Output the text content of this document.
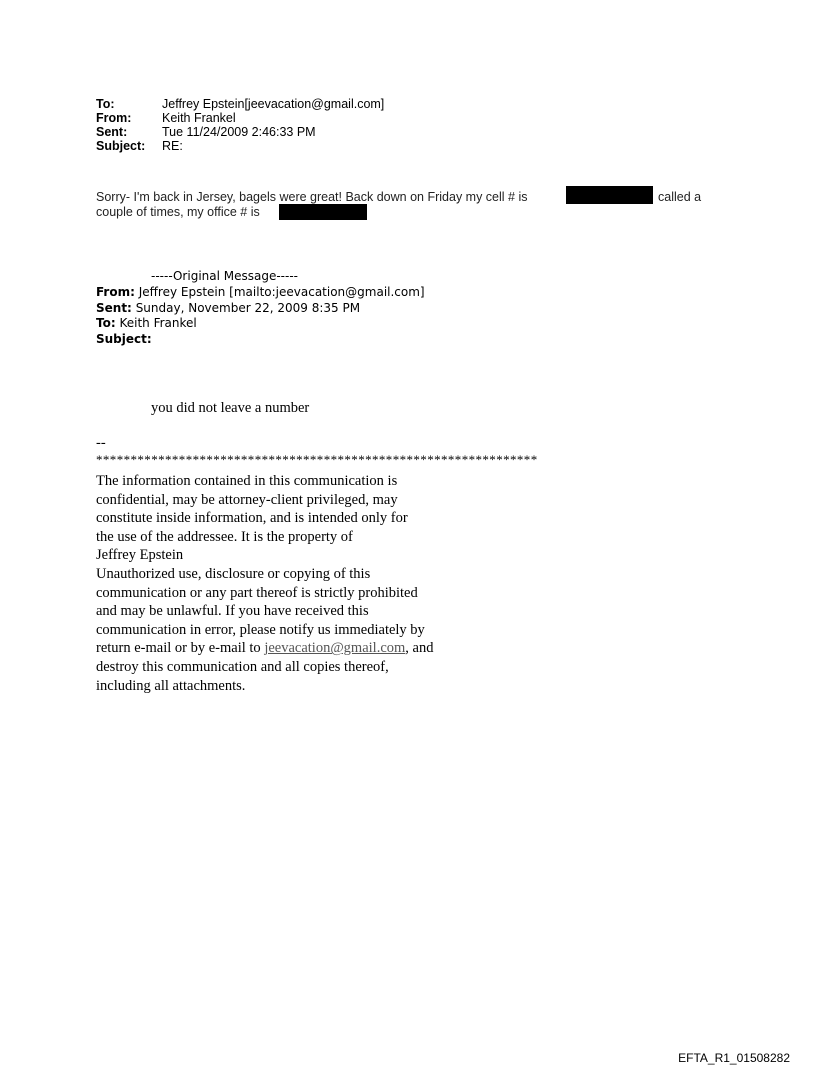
To:	Jeffrey Epstein[jeevacation@gmail.com]
From: Keith Frankel
Sent:	Tue 11/24/2009 2:46:33 PM
Subject: RE:
Sorry- I'm back in Jersey, bagels were great! Back down on Friday my cell # is	called a
couple of times, my office # is
-----Original Message-----
From: Jeffrey Epstein [mailto:jeevacation@gmail.com]
Sent: Sunday, November 22, 2009 8:35 PM
To: Keith Frankel
Subject:
you did not leave a number
--
****************************************************************
The information contained in this communication is
confidential, may be attorney-client privileged, may
constitute inside information, and is intended only for
the use of the addressee. It is the property of
Jeffrey Epstein
Unauthorized use, disclosure or copying of this
communication or any part thereof is strictly prohibited
and may be unlawful. If you have received this
communication in error, please notify us immediately by
return e-mail or by e-mail to jeevacation@gmail.com, and
destroy this communication and all copies thereof,
including all attachments.
EFTA_R1_01508282
